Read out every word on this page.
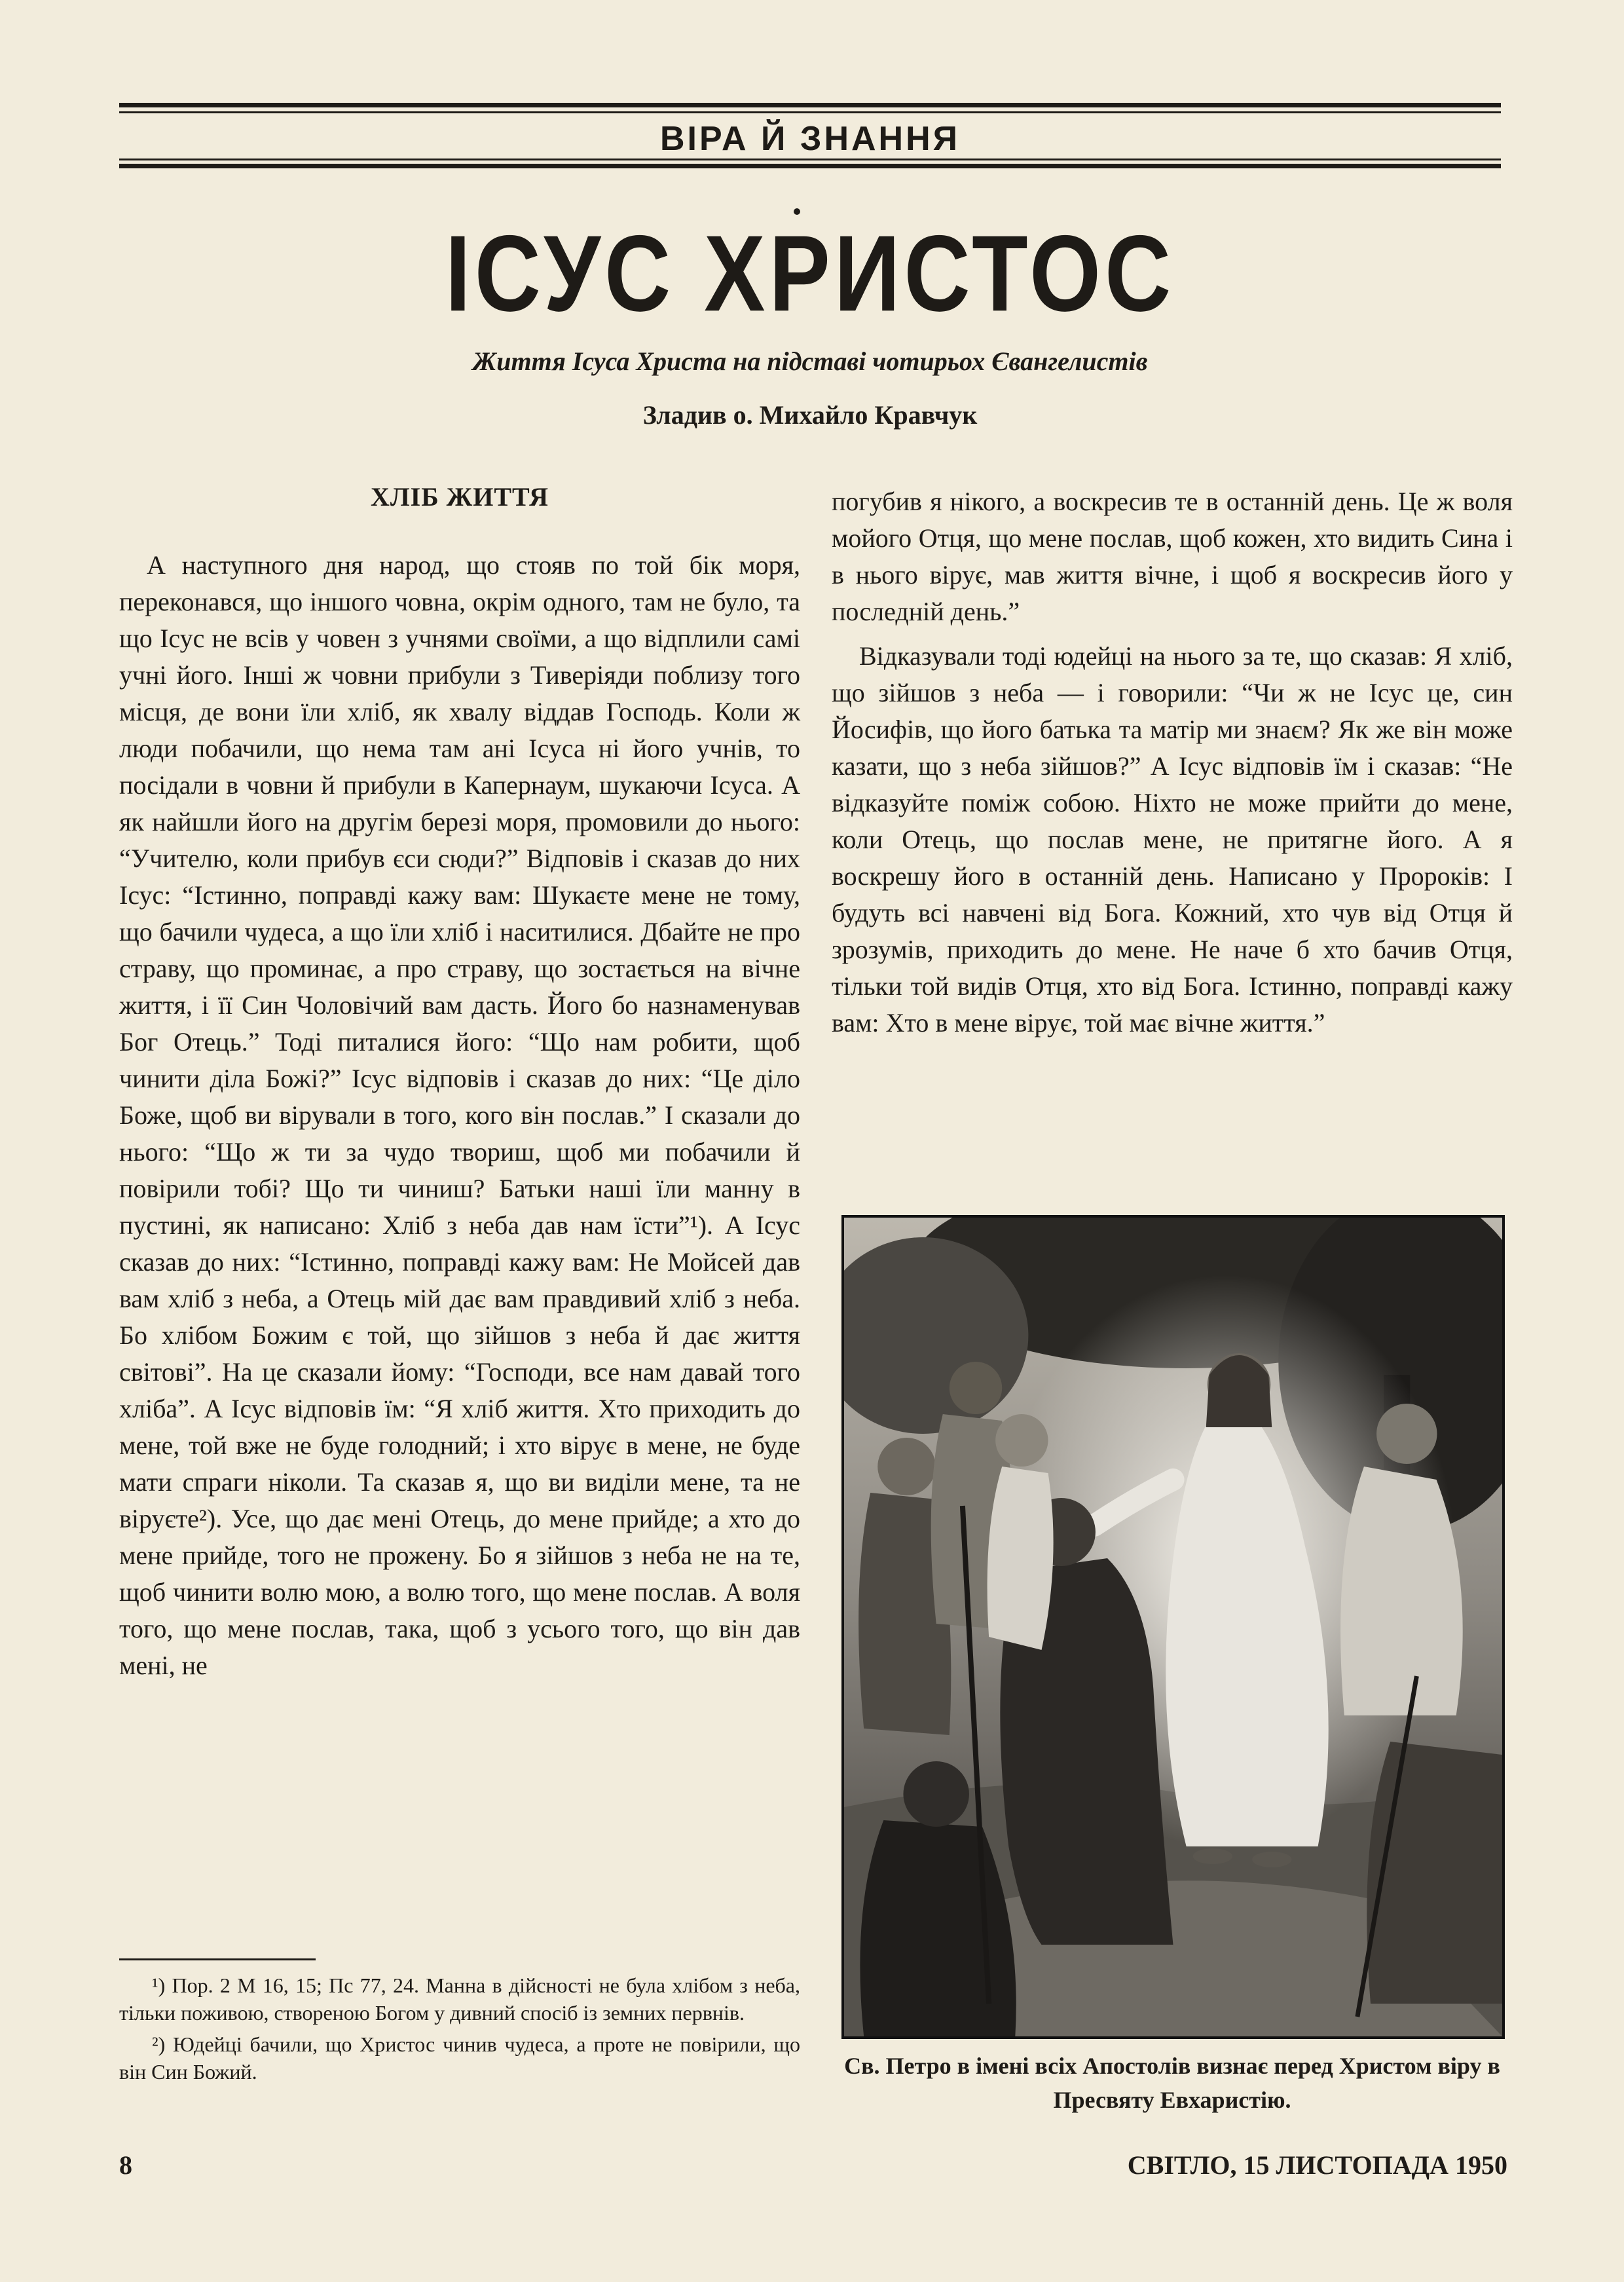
ВІРА Й ЗНАННЯ
ІСУС ХРИСТОС
Життя Ісуса Христа на підставі чотирьох Євангелистів
Зладив о. Михайло Кравчук
ХЛІБ ЖИТТЯ

А наступного дня народ, що стояв по той бік моря, переконався, що іншого човна, окрім одного, там не було, та що Ісус не всів у човен з учнями своїми, а що відплили самі учні його. Інші ж човни прибули з Тиверіяди поблизу того місця, де вони їли хліб, як хвалу віддав Господь. Коли ж люди побачили, що нема там ані Ісуса ні його учнів, то посідали в човни й прибули в Капернаум, шукаючи Ісуса. А як найшли його на другім березі моря, промовили до нього: “Учителю, коли прибув єси сюди?” Відповів і сказав до них Ісус: “Істинно, поправді кажу вам: Шукаєте мене не тому, що бачили чудеса, а що їли хліб і наситилися. Дбайте не про страву, що проминає, а про страву, що зостається на вічне життя, і її Син Чоловічий вам дасть. Його бо назнаменував Бог Отець.” Тоді питалися його: “Що нам робити, щоб чинити діла Божі?” Ісус відповів і сказав до них: “Це діло Боже, щоб ви вірували в того, кого він послав.” І сказали до нього: “Що ж ти за чудо твориш, щоб ми побачили й повірили тобі? Що ти чиниш? Батьки наші їли манну в пустині, як написано: Хліб з неба дав нам їсти”¹). А Ісус сказав до них: “Істинно, поправді кажу вам: Не Мойсей дав вам хліб з неба, а Отець мій дає вам правдивий хліб з неба. Бо хлібом Божим є той, що зійшов з неба й дає життя світові”. На це сказали йому: “Господи, все нам давай того хліба”. А Ісус відповів їм: “Я хліб життя. Хто приходить до мене, той вже не буде голодний; і хто вірує в мене, не буде мати спраги ніколи. Та сказав я, що ви виділи мене, та не віруєте²). Усе, що дає мені Отець, до мене прийде; а хто до мене прийде, того не прожену. Бо я зійшов з неба не на те, щоб чинити волю мою, а волю того, що мене послав. А воля того, що мене послав, така, щоб з усього того, що він дав мені, не

погубив я нікого, а воскресив те в останній день. Це ж воля мойого Отця, що мене послав, щоб кожен, хто видить Сина і в нього вірує, мав життя вічне, і щоб я воскресив його у последній день.”

Відказували тоді юдейці на нього за те, що сказав: Я хліб, що зійшов з неба — і говорили: “Чи ж не Ісус це, син Йосифів, що його батька та матір ми знаєм? Як же він може казати, що з неба зійшов?” А Ісус відповів їм і сказав: “Не відказуйте поміж собою. Ніхто не може прийти до мене, коли Отець, що послав мене, не притягне його. А я воскрешу його в останній день. Написано у Пророків: І будуть всі навчені від Бога. Кожний, хто чув від Отця й зрозумів, приходить до мене. Не наче б хто бачив Отця, тільки той видів Отця, хто від Бога. Істинно, поправді кажу вам: Хто в мене вірує, той має вічне життя.”

¹) Пор. 2 М 16, 15; Пс 77, 24. Манна в дійсності не була хлібом з неба, тільки поживою, створеною Богом у дивний спосіб із земних первнів.

²) Юдейці бачили, що Христос чинив чудеса, а проте не повірили, що він Син Божий.	Св. Петро в імені всіх Апостолів визнає перед Христом віру в Пресвяту Евхаристію.
8	СВІТЛО, 15 ЛИСТОПАДА 1950
